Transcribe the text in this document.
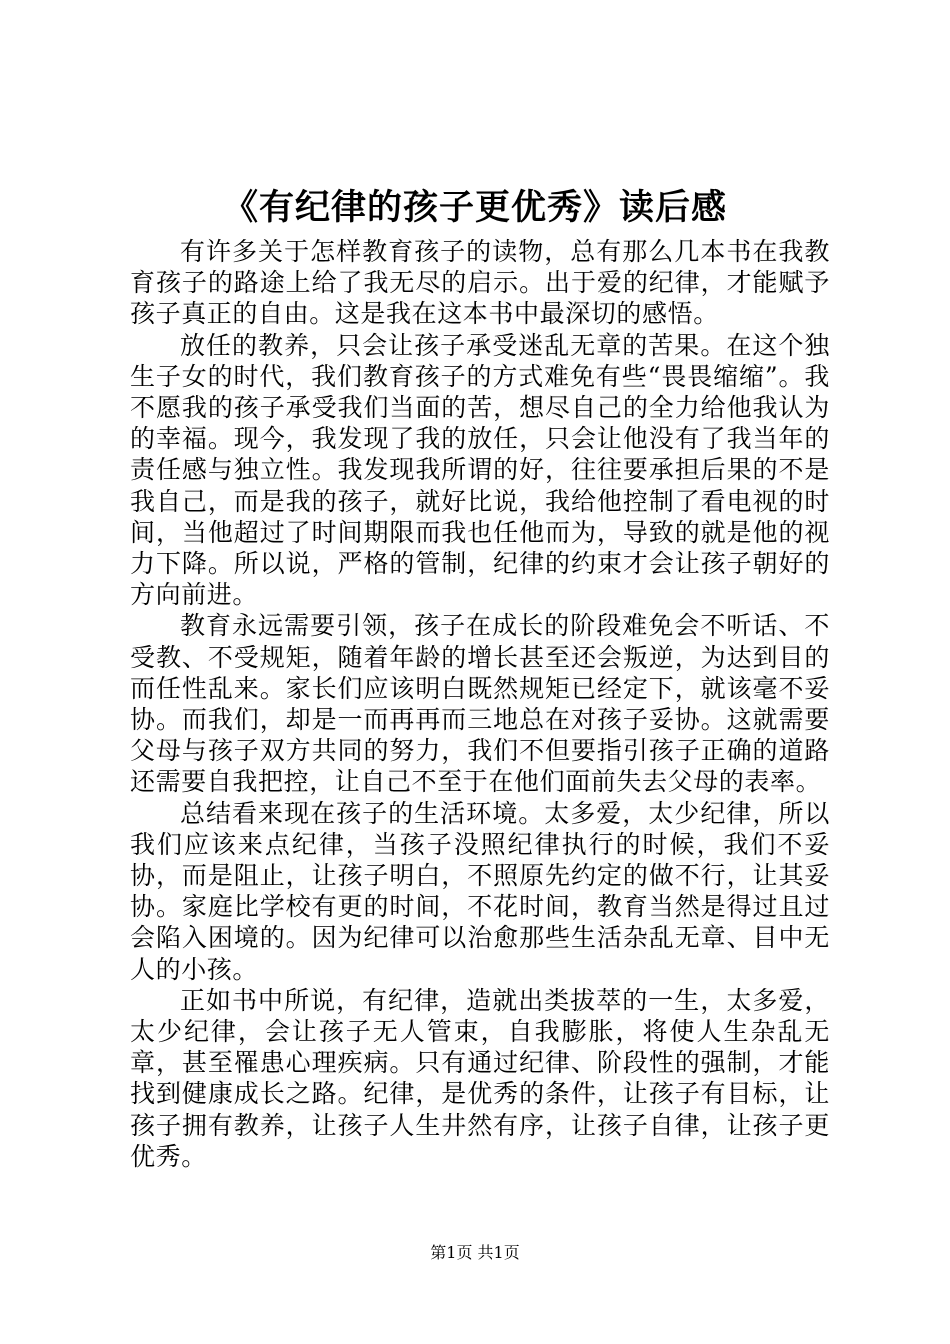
《有纪律的孩子更优秀》读后感

有许多关于怎样教育孩子的读物，总有那么几本书在我教育孩子的路途上给了我无尽的启示。出于爱的纪律，才能赋予孩子真正的自由。这是我在这本书中最深切的感悟。

放任的教养，只会让孩子承受迷乱无章的苦果。在这个独生子女的时代，我们教育孩子的方式难免有些“畏畏缩缩”。我不愿我的孩子承受我们当面的苦，想尽自己的全力给他我认为的幸福。现今，我发现了我的放任，只会让他没有了我当年的责任感与独立性。我发现我所谓的好，往往要承担后果的不是我自己，而是我的孩子，就好比说，我给他控制了看电视的时间，当他超过了时间期限而我也任他而为，导致的就是他的视力下降。所以说，严格的管制，纪律的约束才会让孩子朝好的方向前进。

教育永远需要引领，孩子在成长的阶段难免会不听话、不受教、不受规矩，随着年龄的增长甚至还会叛逆，为达到目的而任性乱来。家长们应该明白既然规矩已经定下，就该毫不妥协。而我们，却是一而再再而三地总在对孩子妥协。这就需要父母与孩子双方共同的努力，我们不但要指引孩子正确的道路还需要自我把控，让自己不至于在他们面前失去父母的表率。

总结看来现在孩子的生活环境。太多爱，太少纪律，所以我们应该来点纪律，当孩子没照纪律执行的时候，我们不妥协，而是阻止，让孩子明白，不照原先约定的做不行，让其妥协。家庭比学校有更的时间，不花时间，教育当然是得过且过会陷入困境的。因为纪律可以治愈那些生活杂乱无章、目中无人的小孩。

正如书中所说，有纪律，造就出类拔萃的一生，太多爱，太少纪律，会让孩子无人管束，自我膨胀，将使人生杂乱无章，甚至罹患心理疾病。只有通过纪律、阶段性的强制，才能找到健康成长之路。纪律，是优秀的条件，让孩子有目标，让孩子拥有教养，让孩子人生井然有序，让孩子自律，让孩子更优秀。

第1页 共1页
